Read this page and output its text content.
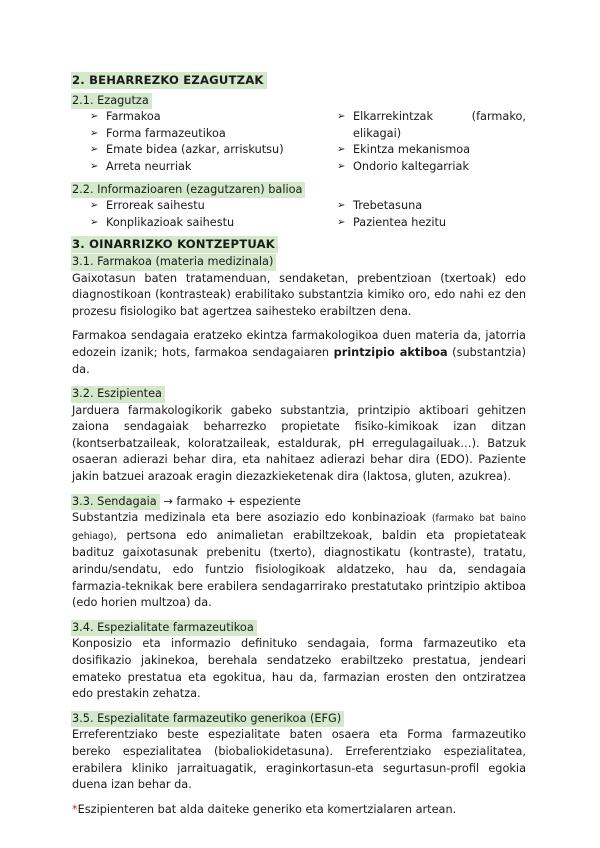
2. BEHARREZKO EZAGUTZAK
2.1. Ezagutza
➢ Farmakoa
➢ Forma farmazeutikoa
➢ Emate bidea (azkar, arriskutsu)
➢ Arreta neurriak
➢ Elkarrekintzak	(farmako,
elikagai)
➢ Ekintza mekanismoa
➢ Ondorio kaltegarriak
2.2. Informazioaren (ezagutzaren) balioa
➢ Erroreak saihestu
➢ Konplikazioak saihestu
➢ Trebetasuna
➢ Pazientea hezitu
3. OINARRIZKO KONTZEPTUAK
3.1. Farmakoa (materia medizinala)
Gaixotasun baten tratamenduan, sendaketan, prebentzioan (txertoak) edo diagnostikoan (kontrasteak) erabilitako substantzia kimiko oro, edo nahi ez den prozesu fisiologiko bat agertzea saihesteko erabiltzen dena.
Farmakoa sendagaia eratzeko ekintza farmakologikoa duen materia da, jatorria edozein izanik; hots, farmakoa sendagaiaren printzipio aktiboa (substantzia) da.
3.2. Eszipientea
Jarduera farmakologikorik gabeko substantzia, printzipio aktiboari gehitzen zaiona sendagaiak beharrezko propietate fisiko-kimikoak izan ditzan (kontserbatzaileak, koloratzaileak, estaldurak, pH erregulagailuak…). Batzuk osaeran adierazi behar dira, eta nahitaez adierazi behar dira (EDO). Paziente jakin batzuei arazoak eragin diezazkieketenak dira (laktosa, gluten, azukrea).
3.3. Sendagaia → farmako + espeziente
Substantzia medizinala eta bere asoziazio edo konbinazioak (farmako bat baino gehiago), pertsona edo animalietan erabiltzekoak, baldin eta propietateak badituz gaixotasunak prebenitu (txerto), diagnostikatu (kontraste), tratatu, arindu/sendatu, edo funtzio fisiologikoak aldatzeko, hau da, sendagaia farmazia-teknikak bere erabilera sendagarrirako prestatutako printzipio aktiboa (edo horien multzoa) da.
3.4. Espezialitate farmazeutikoa
Konposizio eta informazio definituko sendagaia, forma farmazeutiko eta dosifikazio jakinekoa, berehala sendatzeko erabiltzeko prestatua, jendeari emateko prestatua eta egokitua, hau da, farmazian erosten den ontziratzea edo prestakin zehatza.
3.5. Espezialitate farmazeutiko generikoa (EFG)
Erreferentziako beste espezialitate baten osaera eta Forma farmazeutiko bereko espezialitatea (biobaliokidetasuna). Erreferentziako espezialitatea, erabilera kliniko jarraituagatik, eraginkortasun-eta segurtasun-profil egokia duena izan behar da.
*Eszipienteren bat alda daiteke generiko eta komertzialaren artean.
